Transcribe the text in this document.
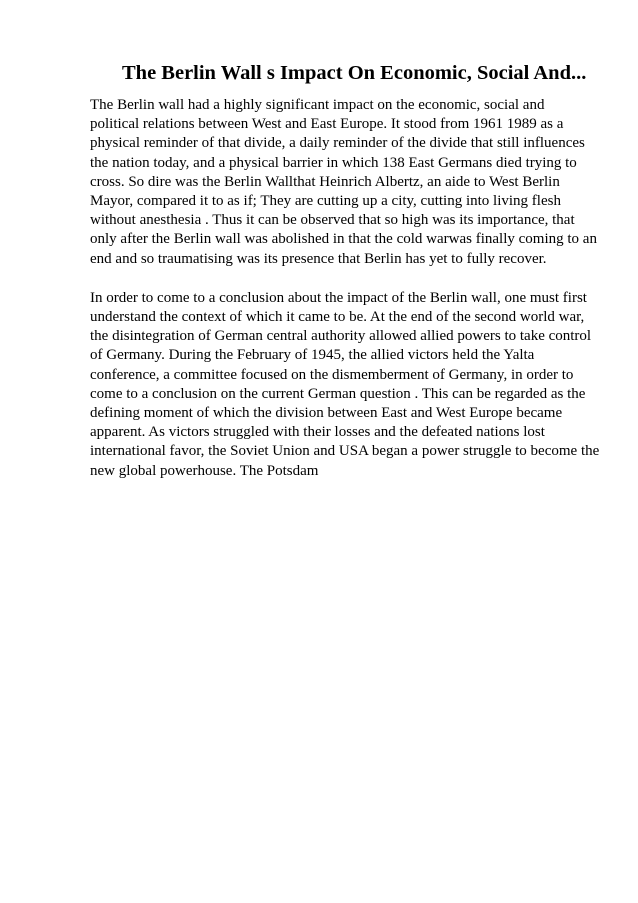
The Berlin Wall s Impact On Economic, Social And...

The Berlin wall had a highly significant impact on the economic, social and
political relations between West and East Europe. It stood from 1961 1989 as a
physical reminder of that divide, a daily reminder of the divide that still influences
the nation today, and a physical barrier in which 138 East Germans died trying to
cross. So dire was the Berlin Wallthat Heinrich Albertz, an aide to West Berlin
Mayor, compared it to as if; They are cutting up a city, cutting into living flesh
without anesthesia . Thus it can be observed that so high was its importance, that
only after the Berlin wall was abolished in that the cold warwas finally coming to an
end and so traumatising was its presence that Berlin has yet to fully recover.

In order to come to a conclusion about the impact of the Berlin wall, one must first
understand the context of which it came to be. At the end of the second world war,
the disintegration of German central authority allowed allied powers to take control
of Germany. During the February of 1945, the allied victors held the Yalta
conference, a committee focused on the dismemberment of Germany, in order to
come to a conclusion on the current German question . This can be regarded as the
defining moment of which the division between East and West Europe became
apparent. As victors struggled with their losses and the defeated nations lost
international favor, the Soviet Union and USA began a power struggle to become the
new global powerhouse. The Potsdam
